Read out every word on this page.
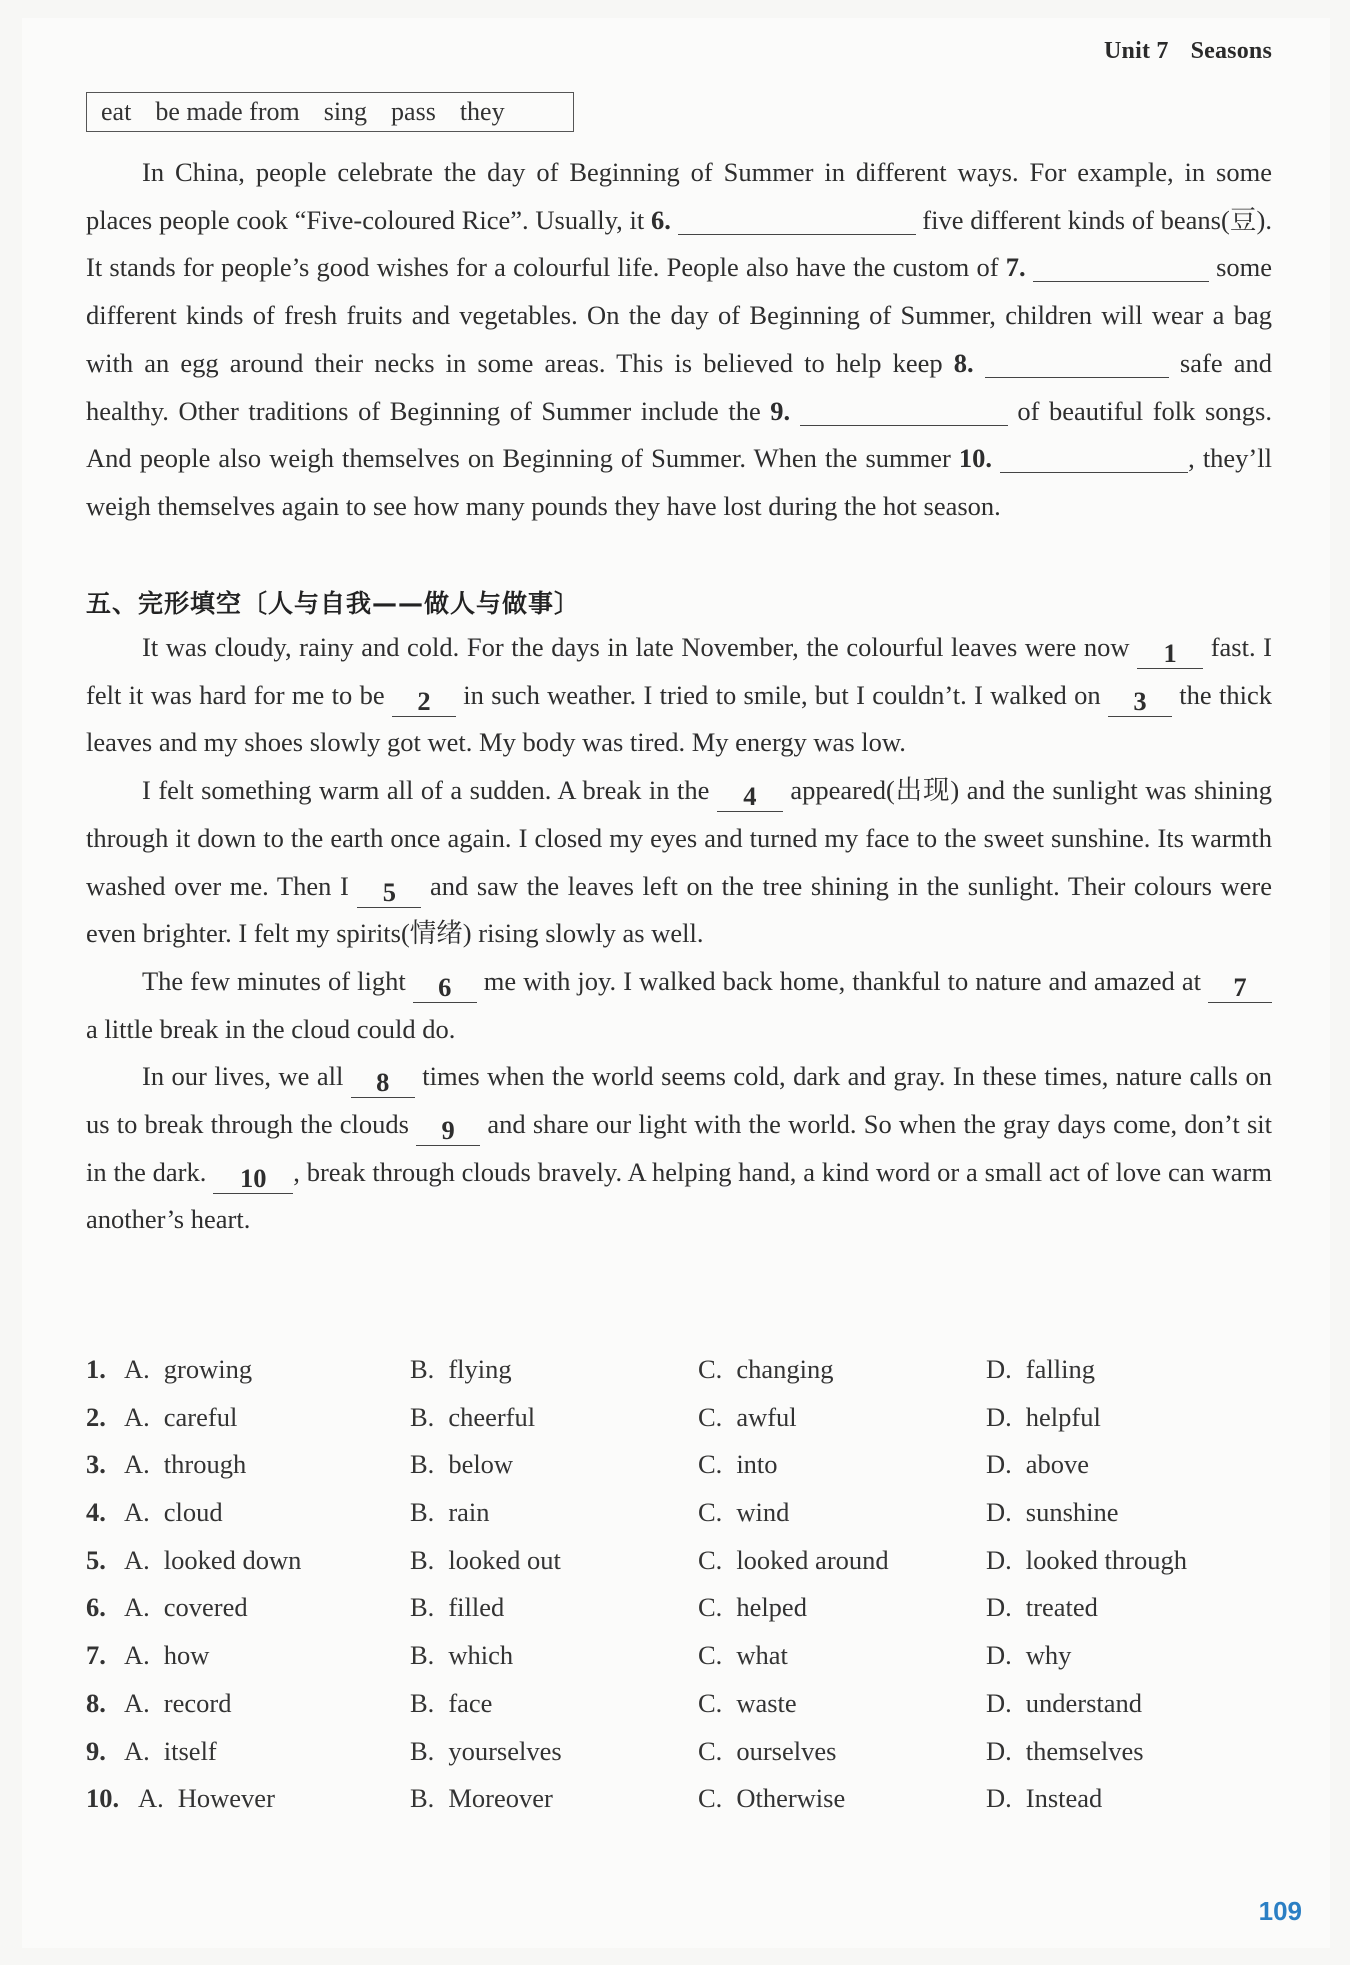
Unit 7 Seasons
eat be made from sing pass they

In China, people celebrate the day of Beginning of Summer in different ways. For example, in some places people cook “Five-coloured Rice”. Usually, it 6.	five different kinds of beans(豆). It stands for people’s good wishes for a colourful life. People also have the custom of 7.	some different kinds of fresh fruits and vegetables. On the day of Beginning of Summer, children will wear a bag with an egg around their necks in some areas. This is believed to help keep 8.	safe and healthy. Other traditions of Beginning of Summer include the 9.	of beautiful folk songs. And people also weigh themselves on Beginning of Summer. When the summer 10.	, they’ll weigh themselves again to see how many pounds they have lost during the hot season.

五、完形填空〔人与自我——做人与做事〕

It was cloudy, rainy and cold. For the days in late November, the colourful leaves were now 1 fast. I felt it was hard for me to be 2 in such weather. I tried to smile, but I couldn’t. I walked on 3 the thick leaves and my shoes slowly got wet. My body was tired. My energy was low.

I felt something warm all of a sudden. A break in the 4 appeared(出现) and the sunlight was shining through it down to the earth once again. I closed my eyes and turned my face to the sweet sunshine. Its warmth washed over me. Then I 5 and saw the leaves left on the tree shining in the sunlight. Their colours were even brighter. I felt my spirits(情绪) rising slowly as well.

The few minutes of light 6 me with joy. I walked back home, thankful to nature and amazed at 7 a little break in the cloud could do.

In our lives, we all 8 times when the world seems cold, dark and gray. In these times, nature calls on us to break through the clouds 9 and share our light with the world. So when the gray days come, don’t sit in the dark. 10 , break through clouds bravely. A helping hand, a kind word or a small act of love can warm another’s heart.

1. A. growing	B. flying	C. changing	D. falling
2. A. careful	B. cheerful	C. awful	D. helpful
3. A. through	B. below	C. into	D. above
4. A. cloud	B. rain	C. wind	D. sunshine
5. A. looked down	B. looked out	C. looked around	D. looked through
6. A. covered	B. filled	C. helped	D. treated
7. A. how	B. which	C. what	D. why
8. A. record	B. face	C. waste	D. understand
9. A. itself	B. yourselves	C. ourselves	D. themselves
10. A. However	B. Moreover	C. Otherwise	D. Instead
109
